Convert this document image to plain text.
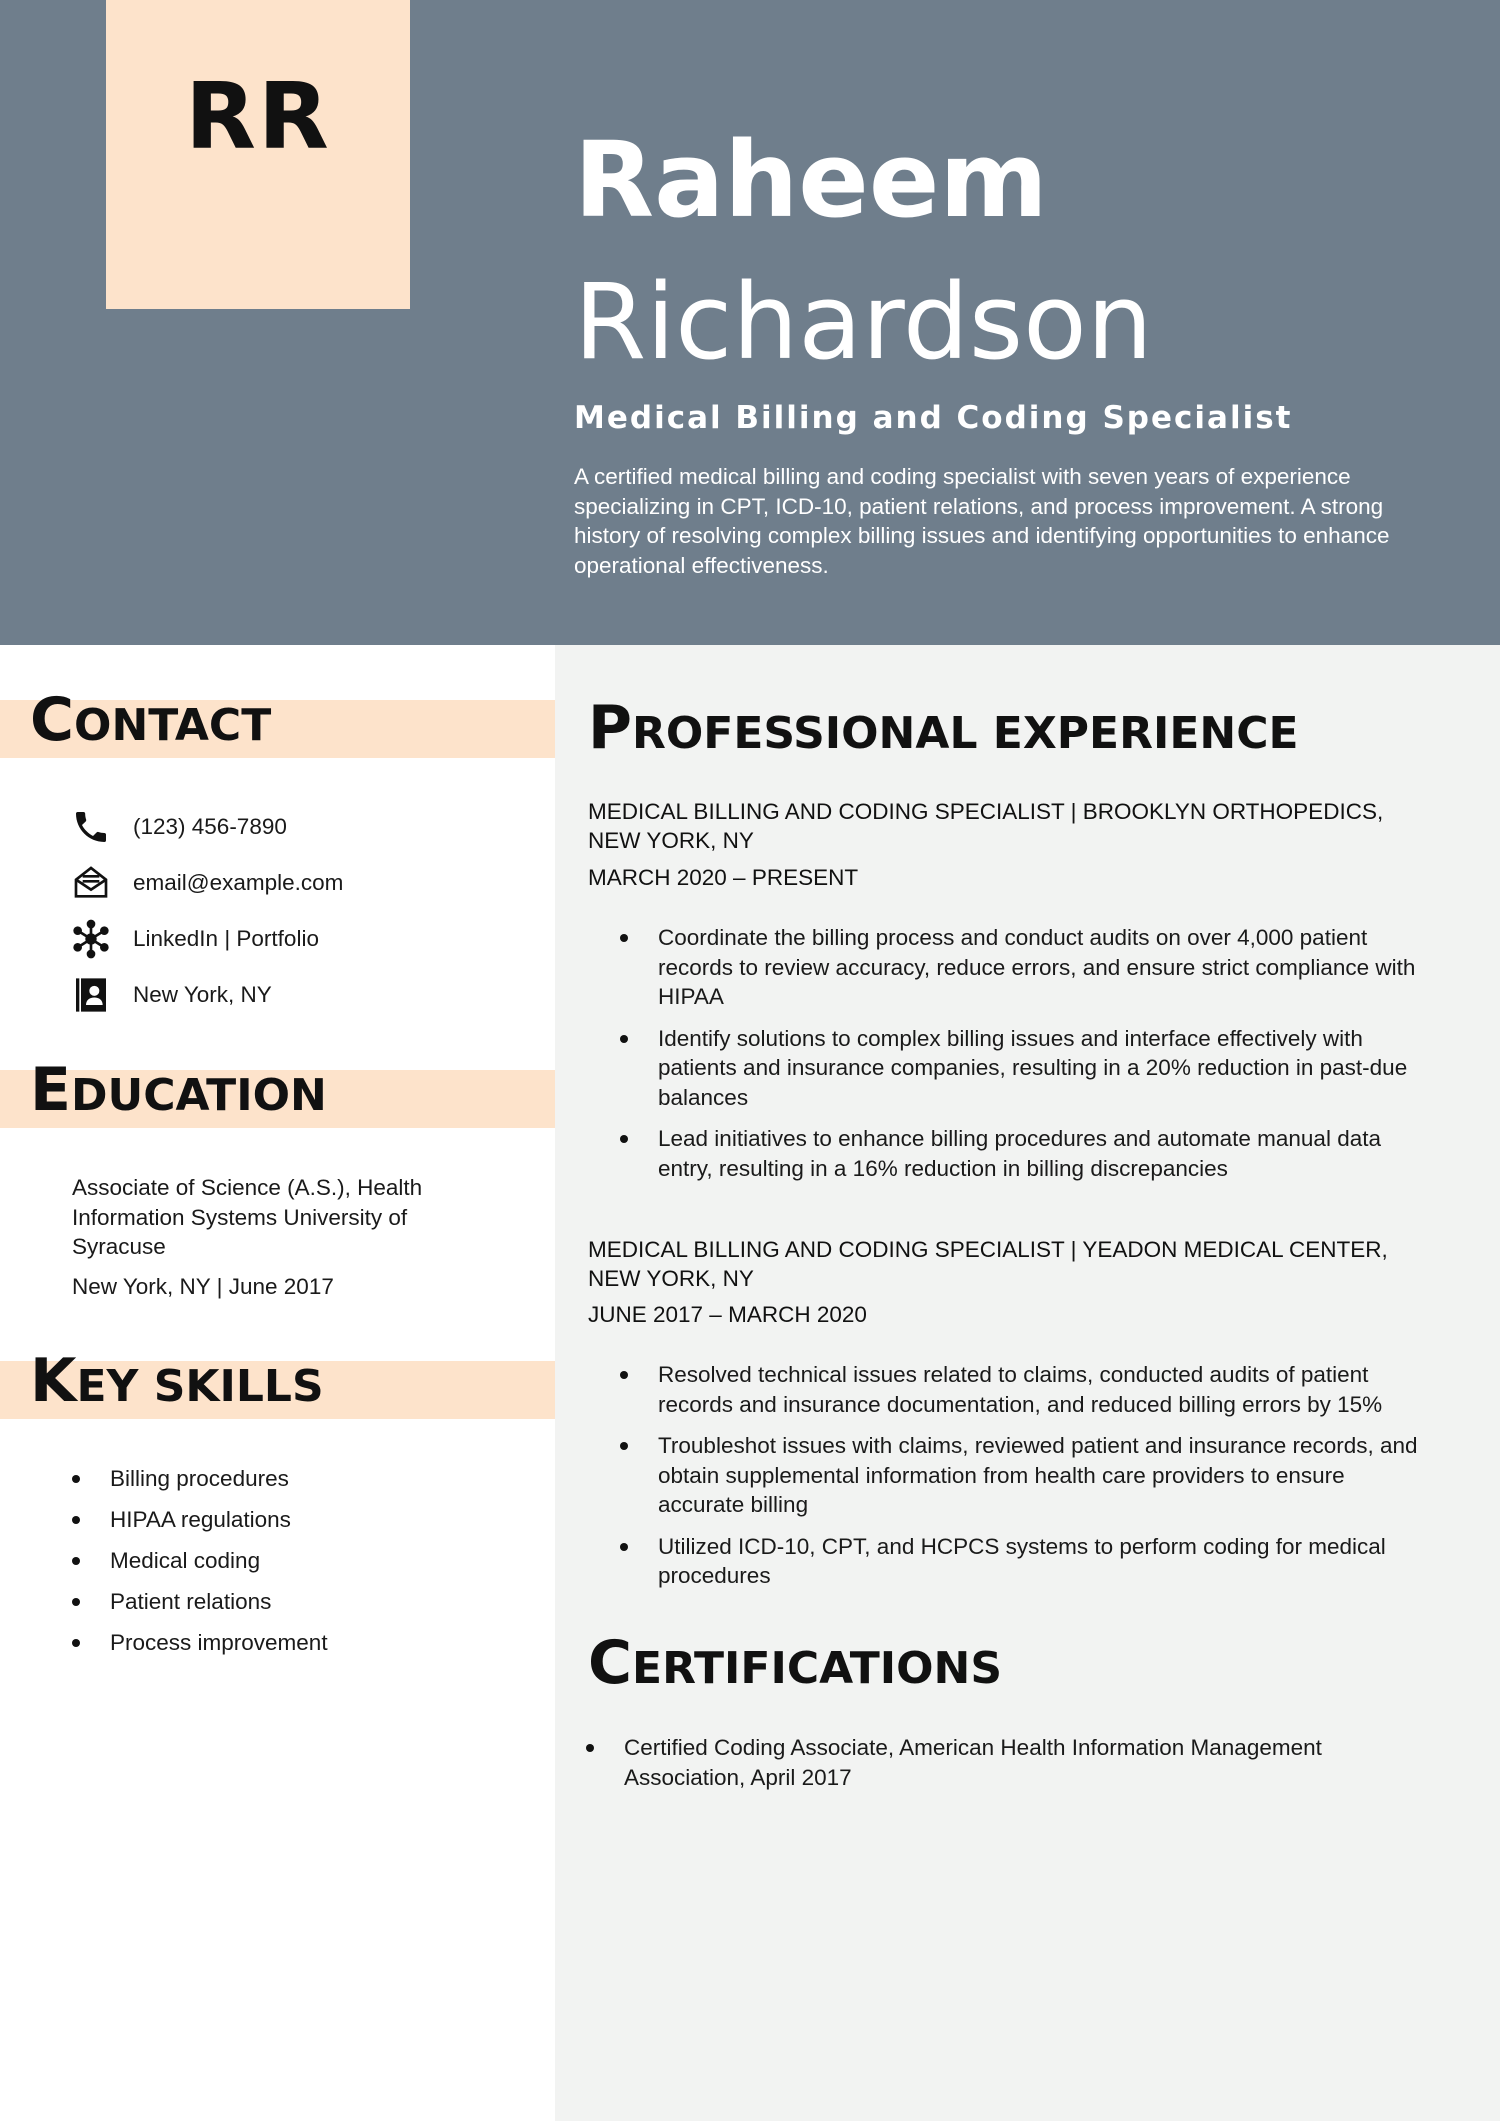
RR
Raheem
Richardson
Medical Billing and Coding Specialist
A certified medical billing and coding specialist with seven years of experience specializing in CPT, ICD-10, patient relations, and process improvement. A strong history of resolving complex billing issues and identifying opportunities to enhance operational effectiveness.
CONTACT
(123) 456-7890
email@example.com
LinkedIn | Portfolio
New York, NY
EDUCATION
Associate of Science (A.S.), Health Information Systems University of Syracuse
New York, NY | June 2017
KEY SKILLS
Billing procedures
HIPAA regulations
Medical coding
Patient relations
Process improvement
PROFESSIONAL EXPERIENCE
MEDICAL BILLING AND CODING SPECIALIST | BROOKLYN ORTHOPEDICS, NEW YORK, NY
MARCH 2020 – PRESENT
Coordinate the billing process and conduct audits on over 4,000 patient records to review accuracy, reduce errors, and ensure strict compliance with HIPAA
Identify solutions to complex billing issues and interface effectively with patients and insurance companies, resulting in a 20% reduction in past-due balances
Lead initiatives to enhance billing procedures and automate manual data entry, resulting in a 16% reduction in billing discrepancies
MEDICAL BILLING AND CODING SPECIALIST | YEADON MEDICAL CENTER, NEW YORK, NY
JUNE 2017 – MARCH 2020
Resolved technical issues related to claims, conducted audits of patient records and insurance documentation, and reduced billing errors by 15%
Troubleshot issues with claims, reviewed patient and insurance records, and obtain supplemental information from health care providers to ensure accurate billing
Utilized ICD-10, CPT, and HCPCS systems to perform coding for medical procedures
CERTIFICATIONS
Certified Coding Associate, American Health Information Management Association, April 2017
